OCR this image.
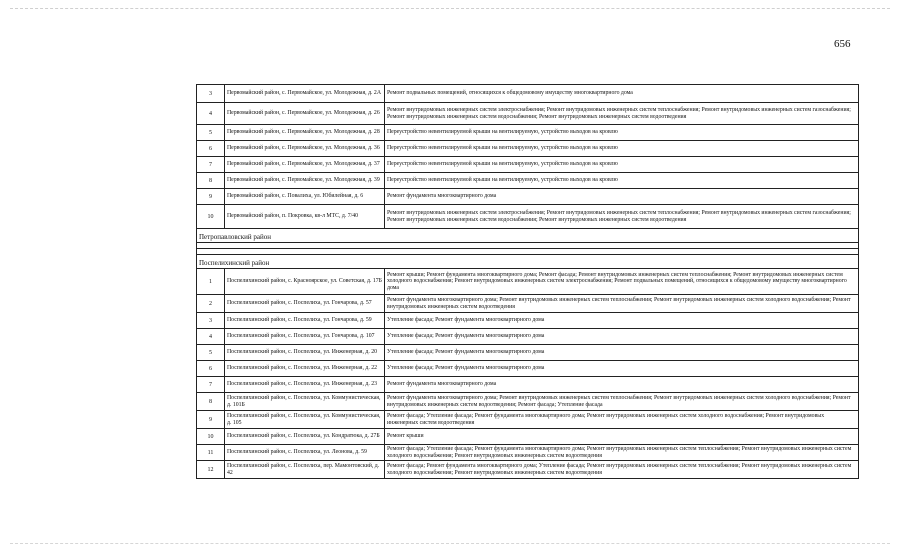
656
3	Первомайский район, с. Первомайское, ул. Молодежная, д. 2А	Ремонт подвальных помещений, относящихся к общедомовому имуществу многоквартирного дома
4	Первомайский район, с. Первомайское, ул. Молодежная, д. 26	Ремонт внутридомовых инженерных систем электроснабжения; Ремонт внутридомовых инженерных систем теплоснабжения; Ремонт внутридомовых инженерных систем газоснабжения; Ремонт внутридомовых инженерных систем водоснабжения; Ремонт внутридомовых инженерных систем водоотведения
5	Первомайский район, с. Первомайское, ул. Молодежная, д. 28	Переустройство невентилируемой крыши на вентилируемую, устройство выходов на кровлю
6	Первомайский район, с. Первомайское, ул. Молодежная, д. 36	Переустройство невентилируемой крыши на вентилируемую, устройство выходов на кровлю
7	Первомайский район, с. Первомайское, ул. Молодежная, д. 37	Переустройство невентилируемой крыши на вентилируемую, устройство выходов на кровлю
8	Первомайский район, с. Первомайское, ул. Молодежная, д. 39	Переустройство невентилируемой крыши на вентилируемую, устройство выходов на кровлю
9	Первомайский район, с. Повалиха, ул. Юбилейная, д. 6	Ремонт фундамента многоквартирного дома
10	Первомайский район, п. Покровка, кв-л МТС, д. 7/40	Ремонт внутридомовых инженерных систем электроснабжения; Ремонт внутридомовых инженерных систем теплоснабжения; Ремонт внутридомовых инженерных систем газоснабжения; Ремонт внутридомовых инженерных систем водоснабжения; Ремонт внутридомовых инженерных систем водоотведения
Петропавловский район		

Поспелихинский район		
1	Поспелихинский район, с. Красноярское, ул. Советская, д. 17Б	Ремонт крыши; Ремонт фундамента многоквартирного дома; Ремонт фасада; Ремонт внутридомовых инженерных систем теплоснабжения; Ремонт внутридомовых инженерных систем холодного водоснабжения; Ремонт внутридомовых инженерных систем электроснабжения; Ремонт подвальных помещений, относящихся к общедомовому имуществу многоквартирного дома
2	Поспелихинский район, с. Поспелиха, ул. Гончарова, д. 57	Ремонт фундамента многоквартирного дома; Ремонт внутридомовых инженерных систем теплоснабжения; Ремонт внутридомовых инженерных систем холодного водоснабжения; Ремонт внутридомовых инженерных систем водоотведения
3	Поспелихинский район, с. Поспелиха, ул. Гончарова, д. 59	Утепление фасада; Ремонт фундамента многоквартирного дома
4	Поспелихинский район, с. Поспелиха, ул. Гончарова, д. 107	Утепление фасада; Ремонт фундамента многоквартирного дома
5	Поспелихинский район, с. Поспелиха, ул. Инженерная, д. 20	Утепление фасада; Ремонт фундамента многоквартирного дома
6	Поспелихинский район, с. Поспелиха, ул. Инженерная, д. 22	Утепление фасада; Ремонт фундамента многоквартирного дома
7	Поспелихинский район, с. Поспелиха, ул. Инженерная, д. 23	Ремонт фундамента многоквартирного дома
8	Поспелихинский район, с. Поспелиха, ул. Коммунистическая, д. 101Б	Ремонт фундамента многоквартирного дома; Ремонт внутридомовых инженерных систем теплоснабжения; Ремонт внутридомовых инженерных систем холодного водоснабжения; Ремонт внутридомовых инженерных систем водоотведения; Ремонт фасада; Утепление фасада
9	Поспелихинский район, с. Поспелиха, ул. Коммунистическая, д. 105	Ремонт фасада; Утепление фасада; Ремонт фундамента многоквартирного дома; Ремонт внутридомовых инженерных систем холодного водоснабжения; Ремонт внутридомовых инженерных систем водоотведения
10	Поспелихинский район, с. Поспелиха, ул. Кондратюка, д. 27Б	Ремонт крыши
11	Поспелихинский район, с. Поспелиха, ул. Леонова, д. 59	Ремонт фасада; Утепление фасада; Ремонт фундамента многоквартирного дома; Ремонт внутридомовых инженерных систем теплоснабжения; Ремонт внутридомовых инженерных систем холодного водоснабжения; Ремонт внутридомовых инженерных систем водоотведения
12	Поспелихинский район, с. Поспелиха, пер. Мамонтовский, д. 42	Ремонт фасада; Ремонт фундамента многоквартирного дома; Утепление фасада; Ремонт внутридомовых инженерных систем теплоснабжения; Ремонт внутридомовых инженерных систем холодного водоснабжения; Ремонт внутридомовых инженерных систем водоотведения
